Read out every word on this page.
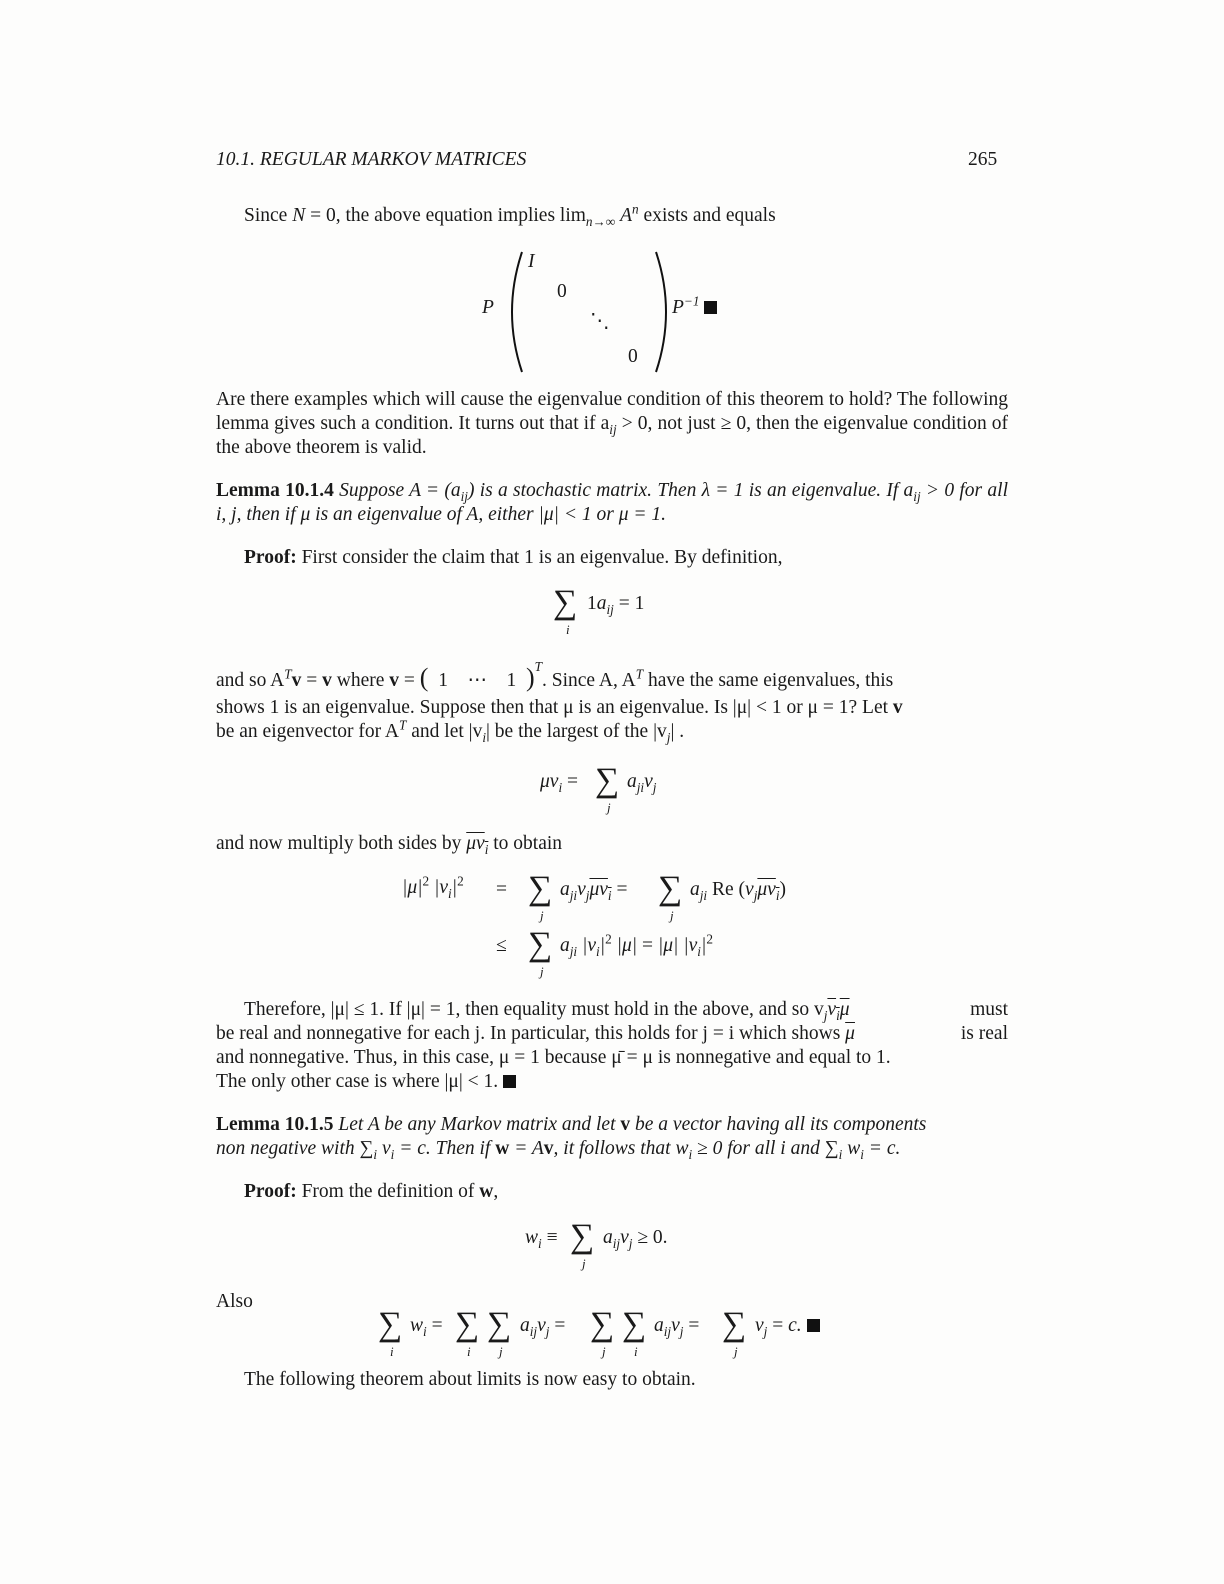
10.1. REGULAR MARKOV MATRICES	265
Since N = 0, the above equation implies $\lim_{n\to\infty} A^n$ exists and equals
P
I
0
⋱
0
$P^{-1}$
Are there examples which will cause the eigenvalue condition of this theorem to hold? The following lemma gives such a condition. It turns out that if $a_{ij} > 0$, not just ≥ 0, then the eigenvalue condition of the above theorem is valid.
Lemma 10.1.4 Suppose $A = (a_{ij})$ is a stochastic matrix. Then λ = 1 is an eigenvalue. If $a_{ij} > 0$ for all i, j, then if μ is an eigenvalue of A, either |μ| < 1 or μ = 1.
Proof: First consider the claim that 1 is an eigenvalue. By definition,
∑ $1a_{ij} = 1$
i
and so $A^Tv = v$ where v = (  1    ⋯    1  )$^T$. Since A, $A^T$ have the same eigenvalues, this
shows 1 is an eigenvalue. Suppose then that μ is an eigenvalue. Is |μ| < 1 or μ = 1? Let v
be an eigenvector for $A^T$ and let $|v_i|$ be the largest of the $|v_j|$ .
$\mu v_i$ = ∑ $a_{ji}v_j$
j
and now multiply both sides by $\mu v_i$ to obtain
$|\mu|^2$ $|v_i|^2$ = ∑ $a_{ji}v_j\mu v_i$ = ∑ $a_{ji}$ Re $(v_j\mu v_i)$
j	j
≤ ∑ $a_{ji}$ $|v_i|^2$ |μ| = |μ| $|v_i|^2$
j
Therefore, |μ| ≤ 1. If |μ| = 1, then equality must hold in the above, and so $v_jv_i\overline{\mu}$	must
be real and nonnegative for each j. In particular, this holds for j = i which shows $\overline{\mu}$	is real
and nonnegative. Thus, in this case, μ = 1 because μ̄ = μ is nonnegative and equal to 1.
The only other case is where |μ| < 1.
Lemma 10.1.5 Let A be any Markov matrix and let v be a vector having all its components
non negative with $\sum_i$ $v_i = c$. Then if w = Av, it follows that $w_i \ge 0$ for all i and $\sum_i$ $w_i = c$.
Proof: From the definition of w,
$w_i$ ≡ ∑ $a_{ij}v_j \ge 0$.
j
Also
∑ $w_i$ = ∑ ∑ $a_{ij}v_j$ = ∑ ∑ $a_{ij}v_j$ = ∑ $v_j = c$.
i	i j	j i	j
The following theorem about limits is now easy to obtain.
